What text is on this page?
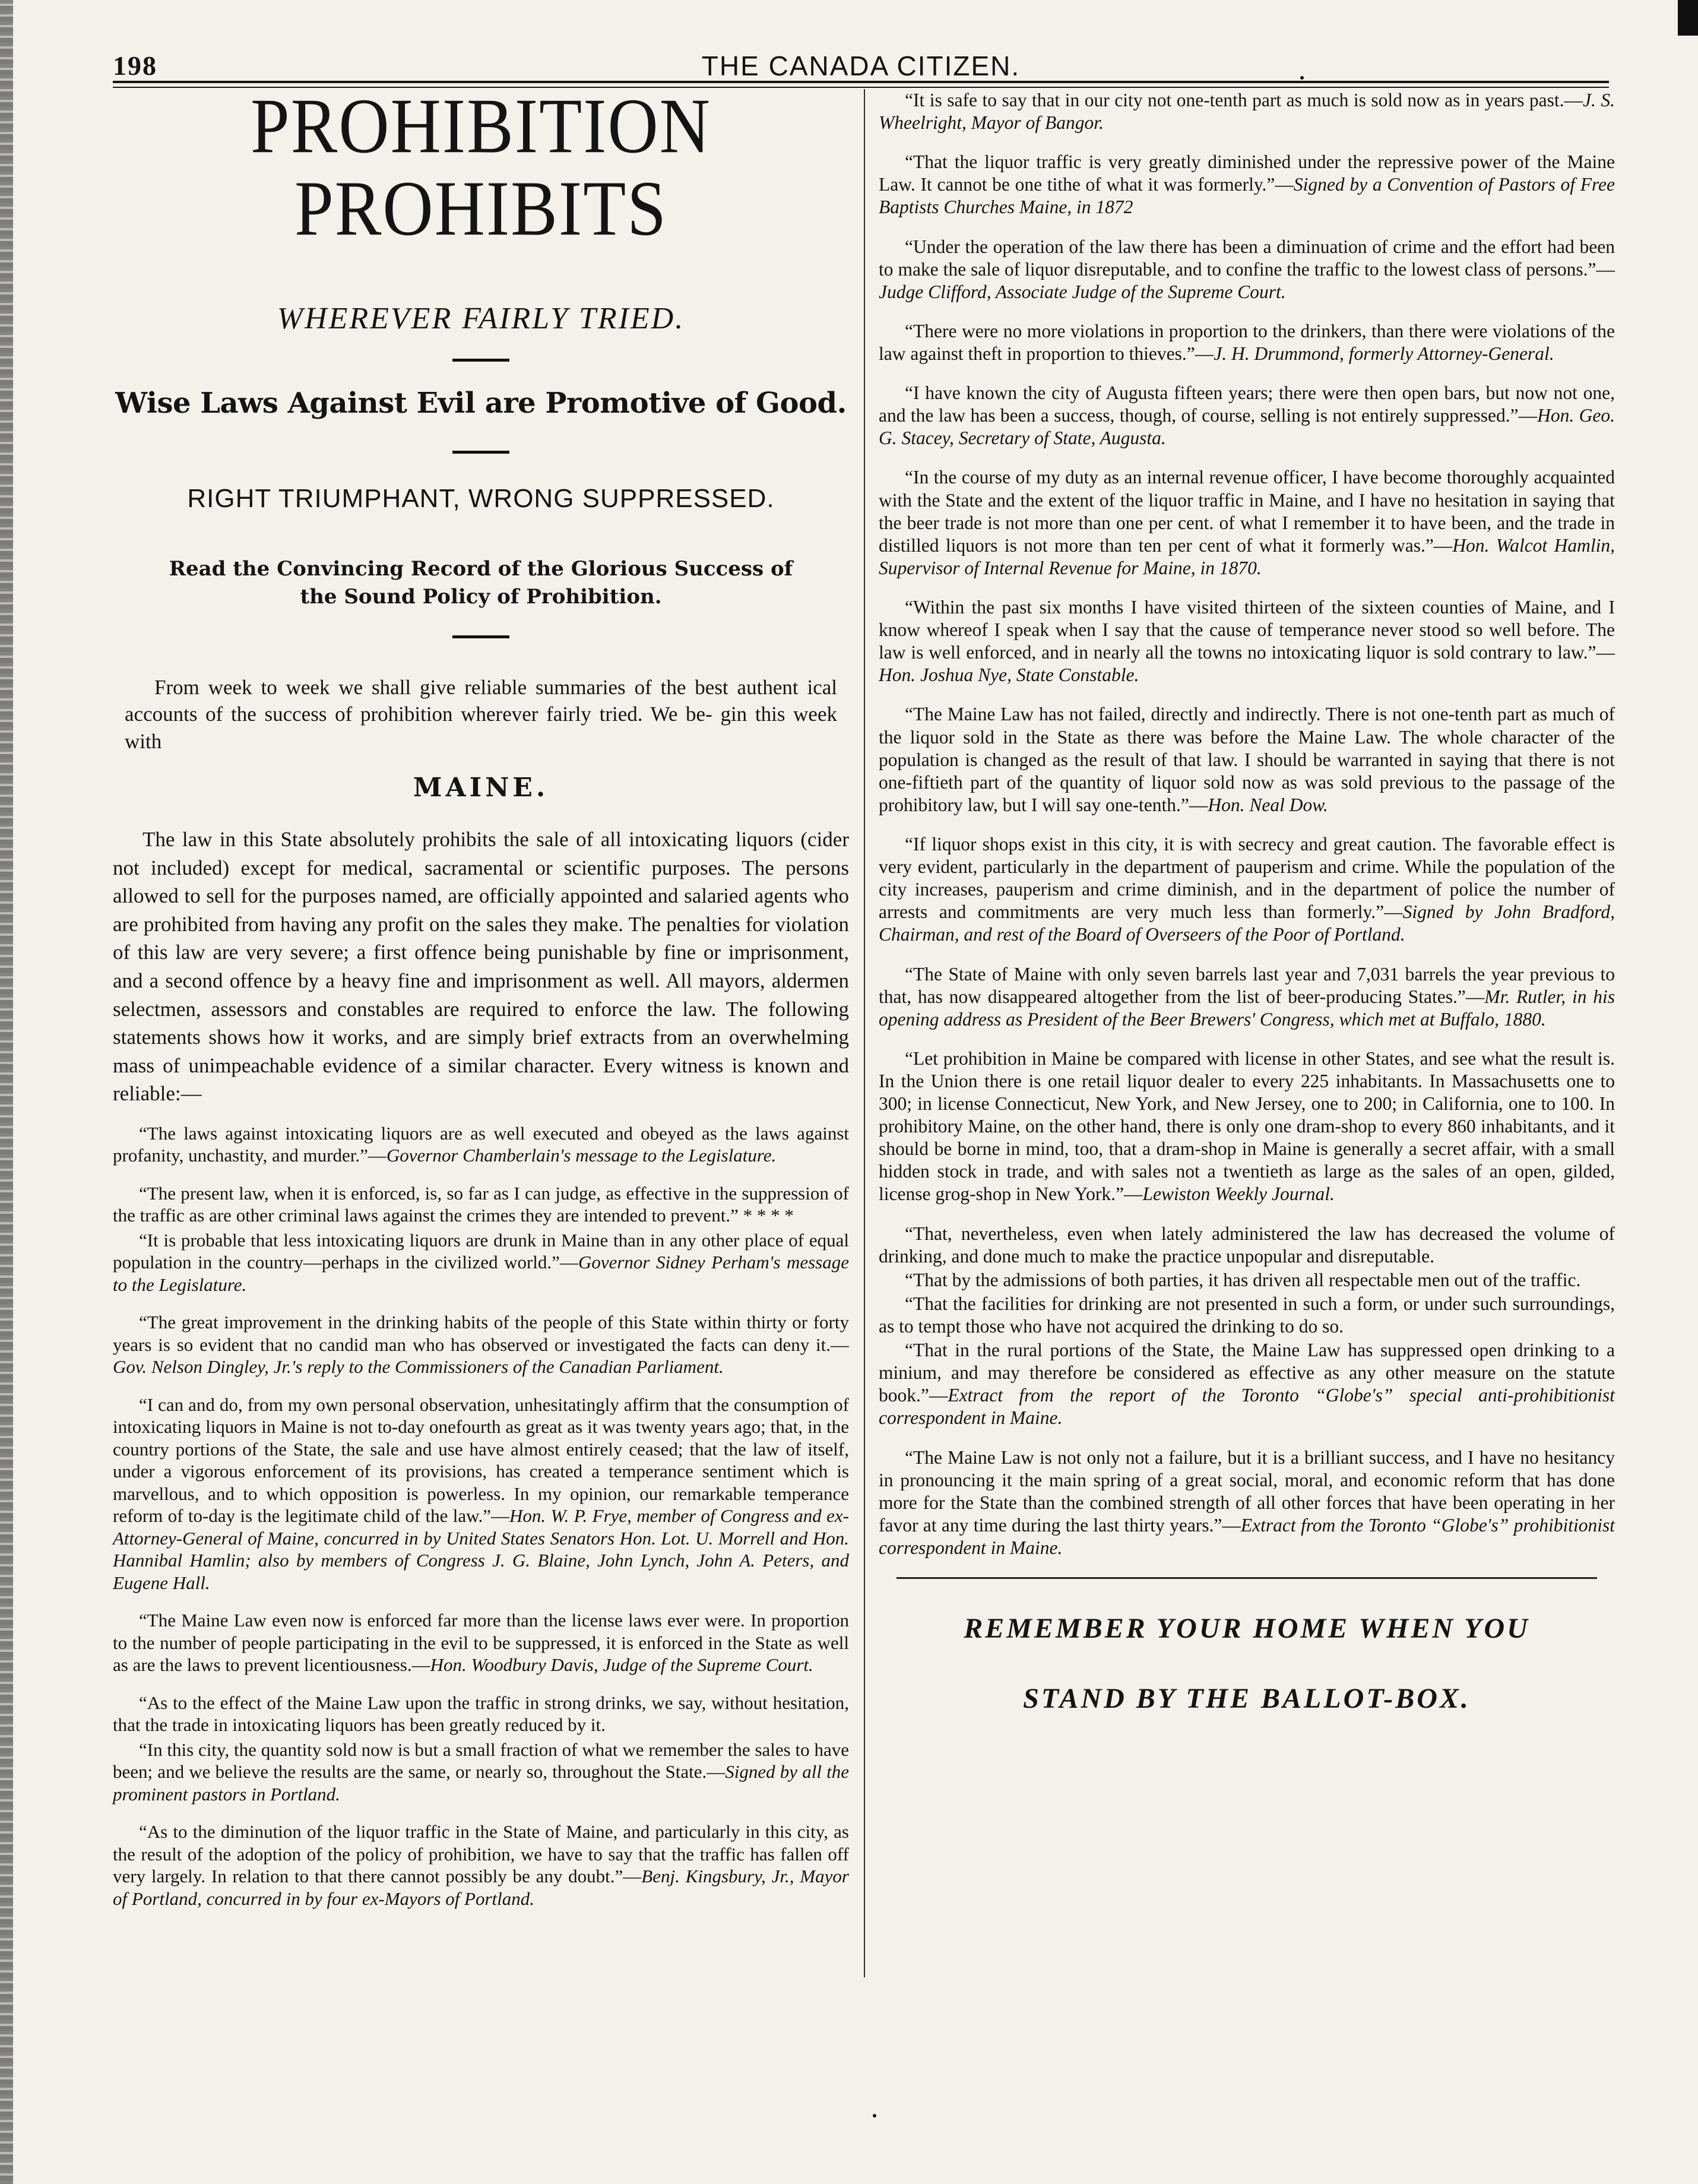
198	THE CANADA CITIZEN.
PROHIBITION PROHIBITS
WHEREVER FAIRLY TRIED.
Wise Laws Against Evil are Promotive of Good.
RIGHT TRIUMPHANT, WRONG SUPPRESSED.
Read the Convincing Record of the Glorious Success of the Sound Policy of Prohibition.

From week to week we shall give reliable summaries of the best authent ical accounts of the success of prohibition wherever fairly tried. We be- gin this week with

MAINE.

The law in this State absolutely prohibits the sale of all intoxicating liquors (cider not included) except for medical, sacramental or scientific purposes. The persons allowed to sell for the purposes named, are officially appointed and salaried agents who are prohibited from having any profit on the sales they make. The penalties for violation of this law are very severe; a first offence being punishable by fine or imprisonment, and a second offence by a heavy fine and imprisonment as well. All mayors, aldermen selectmen, assessors and constables are required to enforce the law. The following statements shows how it works, and are simply brief extracts from an overwhelming mass of unimpeachable evidence of a similar character. Every witness is known and reliable:—

“The laws against intoxicating liquors are as well executed and obeyed as the laws against profanity, unchastity, and murder.”—Governor Chamberlain's message to the Legislature.

“The present law, when it is enforced, is, so far as I can judge, as effective in the suppression of the traffic as are other criminal laws against the crimes they are intended to prevent.” * * * *

“It is probable that less intoxicating liquors are drunk in Maine than in any other place of equal population in the country—perhaps in the civilized world.”—Governor Sidney Perham's message to the Legislature.

“The great improvement in the drinking habits of the people of this State within thirty or forty years is so evident that no candid man who has observed or investigated the facts can deny it.—Gov. Nelson Dingley, Jr.'s reply to the Commissioners of the Canadian Parliament.

“I can and do, from my own personal observation, unhesitatingly affirm that the consumption of intoxicating liquors in Maine is not to-day onefourth as great as it was twenty years ago; that, in the country portions of the State, the sale and use have almost entirely ceased; that the law of itself, under a vigorous enforcement of its provisions, has created a temperance sentiment which is marvellous, and to which opposition is powerless. In my opinion, our remarkable temperance reform of to-day is the legitimate child of the law.”—Hon. W. P. Frye, member of Congress and ex-Attorney-General of Maine, concurred in by United States Senators Hon. Lot. U. Morrell and Hon. Hannibal Hamlin; also by members of Congress J. G. Blaine, John Lynch, John A. Peters, and Eugene Hall.

“The Maine Law even now is enforced far more than the license laws ever were. In proportion to the number of people participating in the evil to be suppressed, it is enforced in the State as well as are the laws to prevent licentiousness.—Hon. Woodbury Davis, Judge of the Supreme Court.

“As to the effect of the Maine Law upon the traffic in strong drinks, we say, without hesitation, that the trade in intoxicating liquors has been greatly reduced by it.

“In this city, the quantity sold now is but a small fraction of what we remember the sales to have been; and we believe the results are the same, or nearly so, throughout the State.—Signed by all the prominent pastors in Portland.

“As to the diminution of the liquor traffic in the State of Maine, and particularly in this city, as the result of the adoption of the policy of prohibition, we have to say that the traffic has fallen off very largely. In relation to that there cannot possibly be any doubt.”—Benj. Kingsbury, Jr., Mayor of Portland, concurred in by four ex-Mayors of Portland.

“It is safe to say that in our city not one-tenth part as much is sold now as in years past.—J. S. Wheelright, Mayor of Bangor.

“That the liquor traffic is very greatly diminished under the repressive power of the Maine Law. It cannot be one tithe of what it was formerly.”—Signed by a Convention of Pastors of Free Baptists Churches Maine, in 1872

“Under the operation of the law there has been a diminuation of crime and the effort had been to make the sale of liquor disreputable, and to confine the traffic to the lowest class of persons.”—Judge Clifford, Associate Judge of the Supreme Court.

“There were no more violations in proportion to the drinkers, than there were violations of the law against theft in proportion to thieves.”—J. H. Drummond, formerly Attorney-General.

“I have known the city of Augusta fifteen years; there were then open bars, but now not one, and the law has been a success, though, of course, selling is not entirely suppressed.”—Hon. Geo. G. Stacey, Secretary of State, Augusta.

“In the course of my duty as an internal revenue officer, I have become thoroughly acquainted with the State and the extent of the liquor traffic in Maine, and I have no hesitation in saying that the beer trade is not more than one per cent. of what I remember it to have been, and the trade in distilled liquors is not more than ten per cent of what it formerly was.”—Hon. Walcot Hamlin, Supervisor of Internal Revenue for Maine, in 1870.

“Within the past six months I have visited thirteen of the sixteen counties of Maine, and I know whereof I speak when I say that the cause of temperance never stood so well before. The law is well enforced, and in nearly all the towns no intoxicating liquor is sold contrary to law.”—Hon. Joshua Nye, State Constable.

“The Maine Law has not failed, directly and indirectly. There is not one-tenth part as much of the liquor sold in the State as there was before the Maine Law. The whole character of the population is changed as the result of that law. I should be warranted in saying that there is not one-fiftieth part of the quantity of liquor sold now as was sold previous to the passage of the prohibitory law, but I will say one-tenth.”—Hon. Neal Dow.

“If liquor shops exist in this city, it is with secrecy and great caution. The favorable effect is very evident, particularly in the department of pauperism and crime. While the population of the city increases, pauperism and crime diminish, and in the department of police the number of arrests and commitments are very much less than formerly.”—Signed by John Bradford, Chairman, and rest of the Board of Overseers of the Poor of Portland.

“The State of Maine with only seven barrels last year and 7,031 barrels the year previous to that, has now disappeared altogether from the list of beer-producing States.”—Mr. Rutler, in his opening address as President of the Beer Brewers' Congress, which met at Buffalo, 1880.

“Let prohibition in Maine be compared with license in other States, and see what the result is. In the Union there is one retail liquor dealer to every 225 inhabitants. In Massachusetts one to 300; in license Connecticut, New York, and New Jersey, one to 200; in California, one to 100. In prohibitory Maine, on the other hand, there is only one dram-shop to every 860 inhabitants, and it should be borne in mind, too, that a dram-shop in Maine is generally a secret affair, with a small hidden stock in trade, and with sales not a twentieth as large as the sales of an open, gilded, license grog-shop in New York.”—Lewiston Weekly Journal.

“That, nevertheless, even when lately administered the law has decreased the volume of drinking, and done much to make the practice unpopular and disreputable.

“That by the admissions of both parties, it has driven all respectable men out of the traffic.

“That the facilities for drinking are not presented in such a form, or under such surroundings, as to tempt those who have not acquired the drinking to do so.

“That in the rural portions of the State, the Maine Law has suppressed open drinking to a minium, and may therefore be considered as effective as any other measure on the statute book.”—Extract from the report of the Toronto “Globe's” special anti-prohibitionist correspondent in Maine.

“The Maine Law is not only not a failure, but it is a brilliant success, and I have no hesitancy in pronouncing it the main spring of a great social, moral, and economic reform that has done more for the State than the combined strength of all other forces that have been operating in her favor at any time during the last thirty years.”—Extract from the Toronto “Globe's” prohibitionist correspondent in Maine.

REMEMBER YOUR HOME WHEN YOU
STAND BY THE BALLOT-BOX.
